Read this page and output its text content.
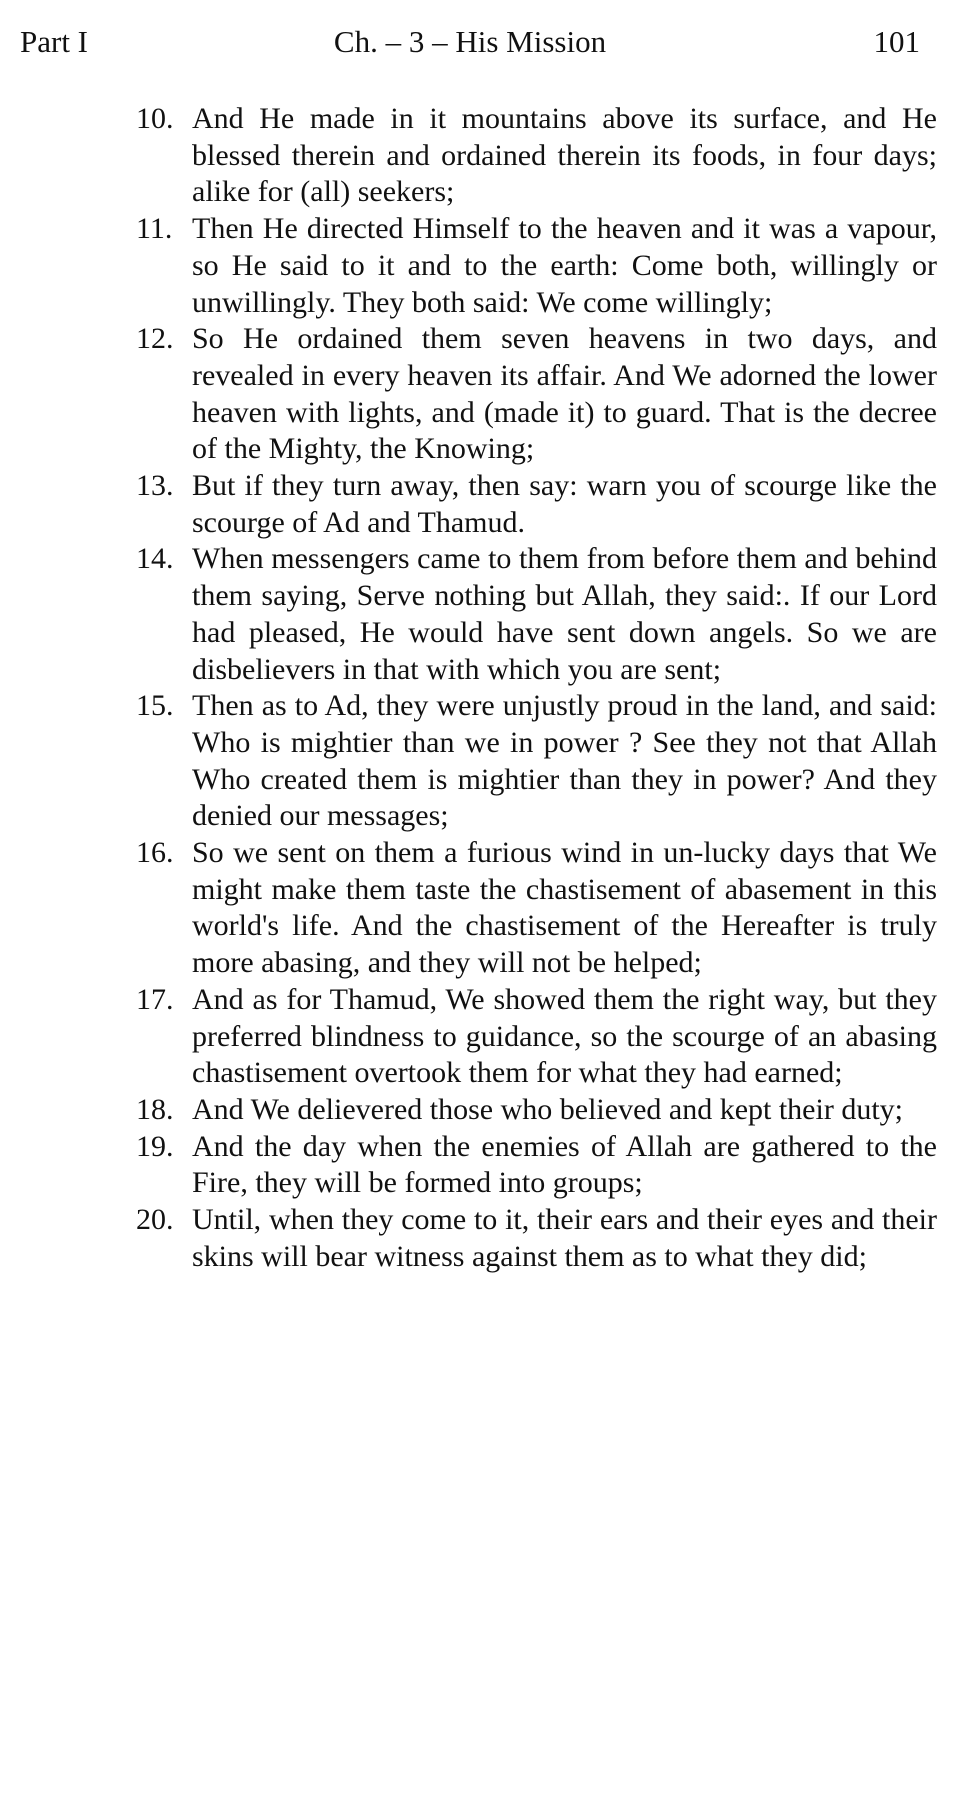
Part I	Ch. – 3 – His Mission	101
10. And He made in it mountains above its surface, and He blessed therein and ordained therein its foods, in four days; alike for (all) seekers;
11. Then He directed Himself to the heaven and it was a vapour, so He said to it and to the earth: Come both, willingly or unwillingly. They both said: We come willingly;
12. So He ordained them seven heavens in two days, and revealed in every heaven its affair. And We adorned the lower heaven with lights, and (made it) to guard. That is the decree of the Mighty, the Knowing;
13. But if they turn away, then say: warn you of scourge like the scourge of Ad and Thamud.
14. When messengers came to them from before them and behind them saying, Serve nothing but Allah, they said:. If our Lord had pleased, He would have sent down angels. So we are disbelievers in that with which you are sent;
15. Then as to Ad, they were unjustly proud in the land, and said: Who is mightier than we in power ? See they not that Allah Who created them is mightier than they in power? And they denied our messages;
16. So we sent on them a furious wind in un-lucky days that We might make them taste the chastisement of abasement in this world's life. And the chastisement of the Hereafter is truly more abasing, and they will not be helped;
17. And as for Thamud, We showed them the right way, but they preferred blindness to guidance, so the scourge of an abasing chastisement overtook them for what they had earned;
18. And We delievered those who believed and kept their duty;
19. And the day when the enemies of Allah are gathered to the Fire, they will be formed into groups;
20. Until, when they come to it, their ears and their eyes and their skins will bear witness against them as to what they did;
